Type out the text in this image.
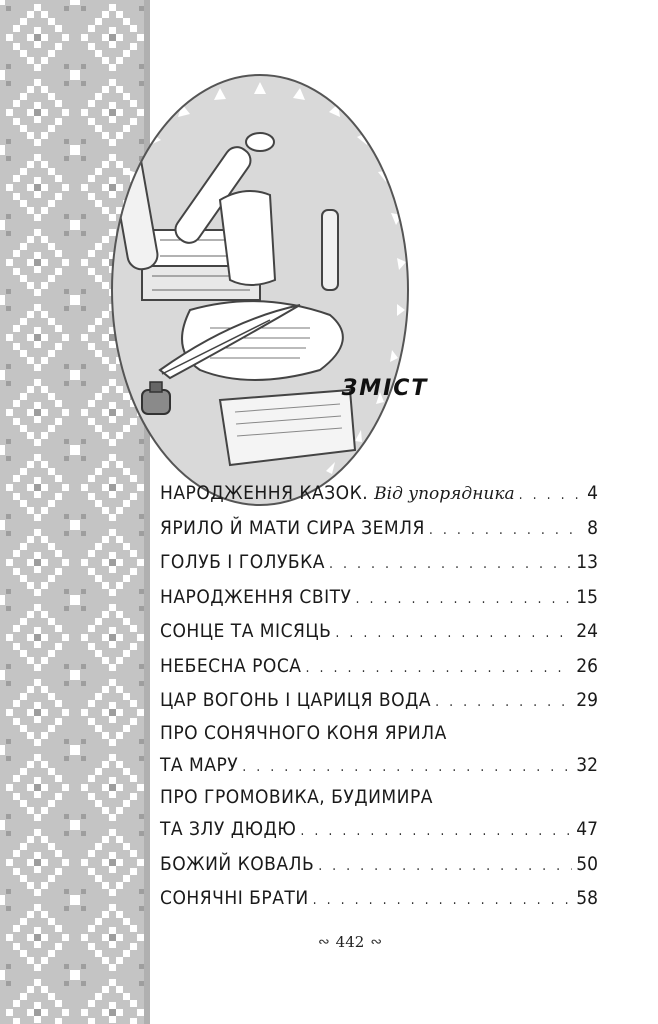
ЗМІСТ
НАРОДЖЕННЯ КАЗОК. Від упорядника . . .	4
ЯРИЛО Й МАТИ СИРА ЗЕМЛЯ . . .	8
ГОЛУБ І ГОЛУБКА . . .	13
НАРОДЖЕННЯ СВІТУ . . .	15
СОНЦЕ ТА МІСЯЦЬ . . .	24
НЕБЕСНА РОСА . . .	26
ЦАР ВОГОНЬ І ЦАРИЦЯ ВОДА . . .	29
ПРО СОНЯЧНОГО КОНЯ ЯРИЛА
ТА МАРУ . . .	32
ПРО ГРОМОВИКА, БУДИМИРА
ТА ЗЛУ ДЮДЮ . . .	47
БОЖИЙ КОВАЛЬ . . .	50
СОНЯЧНІ БРАТИ . . .	58
∾ 442 ∾
